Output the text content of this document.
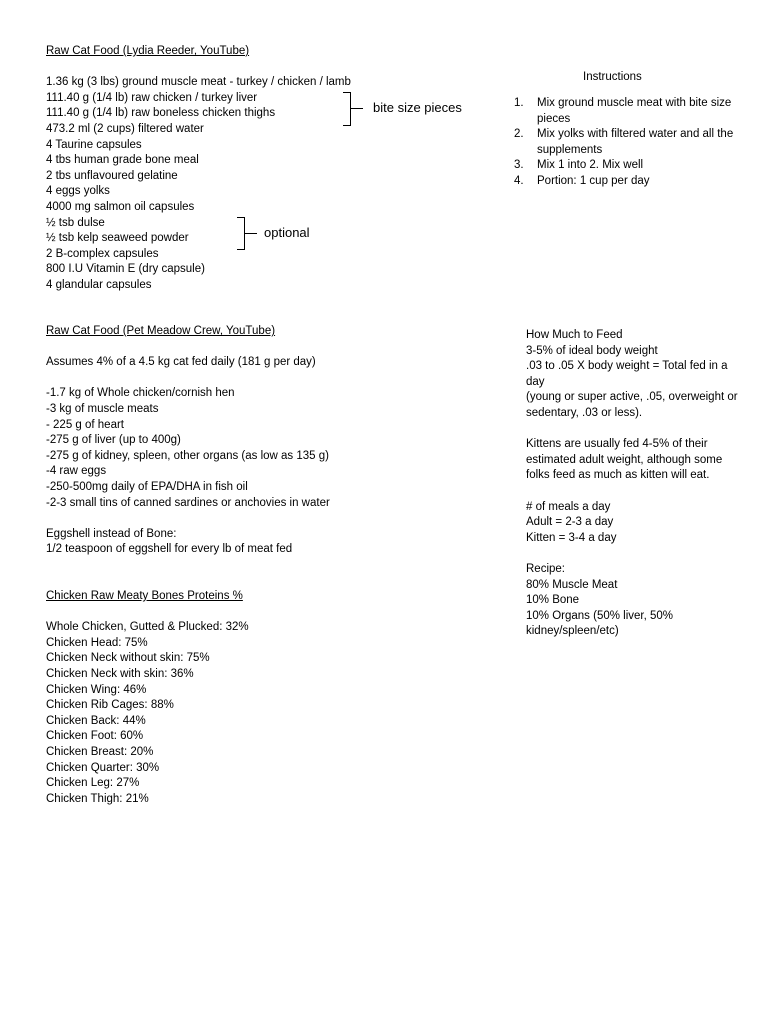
Raw Cat Food (Lydia Reeder, YouTube)
1.36 kg (3 lbs) ground muscle meat - turkey / chicken / lamb
111.40 g (1/4 lb) raw chicken / turkey liver
111.40 g (1/4 lb) raw boneless chicken thighs
473.2 ml (2 cups) filtered water
4 Taurine capsules
4 tbs human grade bone meal
2 tbs unflavoured gelatine
4 eggs yolks
4000 mg salmon oil capsules
½ tsb dulse
½ tsb kelp seaweed powder
2 B-complex capsules
800 I.U Vitamin E (dry capsule)
4 glandular capsules
bite size pieces
optional
Instructions
1. Mix ground muscle meat with bite size pieces
2. Mix yolks with filtered water and all the supplements
3. Mix 1 into 2. Mix well
4. Portion: 1 cup per day
Raw Cat Food (Pet Meadow Crew, YouTube)
Assumes 4% of a 4.5 kg cat fed daily (181 g per day)
-1.7 kg of Whole chicken/cornish hen
-3 kg of muscle meats
- 225 g of heart
-275 g of liver (up to 400g)
-275 g of kidney, spleen, other organs (as low as 135 g)
-4 raw eggs
-250-500mg daily of EPA/DHA in fish oil
-2-3 small tins of canned sardines or anchovies in water
Eggshell instead of Bone:
1/2 teaspoon of eggshell for every lb of meat fed
Chicken Raw Meaty Bones Proteins %
Whole Chicken, Gutted & Plucked: 32%
Chicken Head: 75%
Chicken Neck without skin: 75%
Chicken Neck with skin: 36%
Chicken Wing: 46%
Chicken Rib Cages: 88%
Chicken Back: 44%
Chicken Foot: 60%
Chicken Breast: 20%
Chicken Quarter: 30%
Chicken Leg: 27%
Chicken Thigh: 21%
How Much to Feed
3-5% of ideal body weight
.03 to .05 X body weight = Total fed in a day
(young or super active, .05, overweight or sedentary, .03 or less).
Kittens are usually fed 4-5% of their estimated adult weight, although some folks feed as much as kitten will eat.
# of meals a day
Adult = 2-3 a day
Kitten = 3-4 a day
Recipe:
80% Muscle Meat
10% Bone
10% Organs (50% liver, 50% kidney/spleen/etc)
